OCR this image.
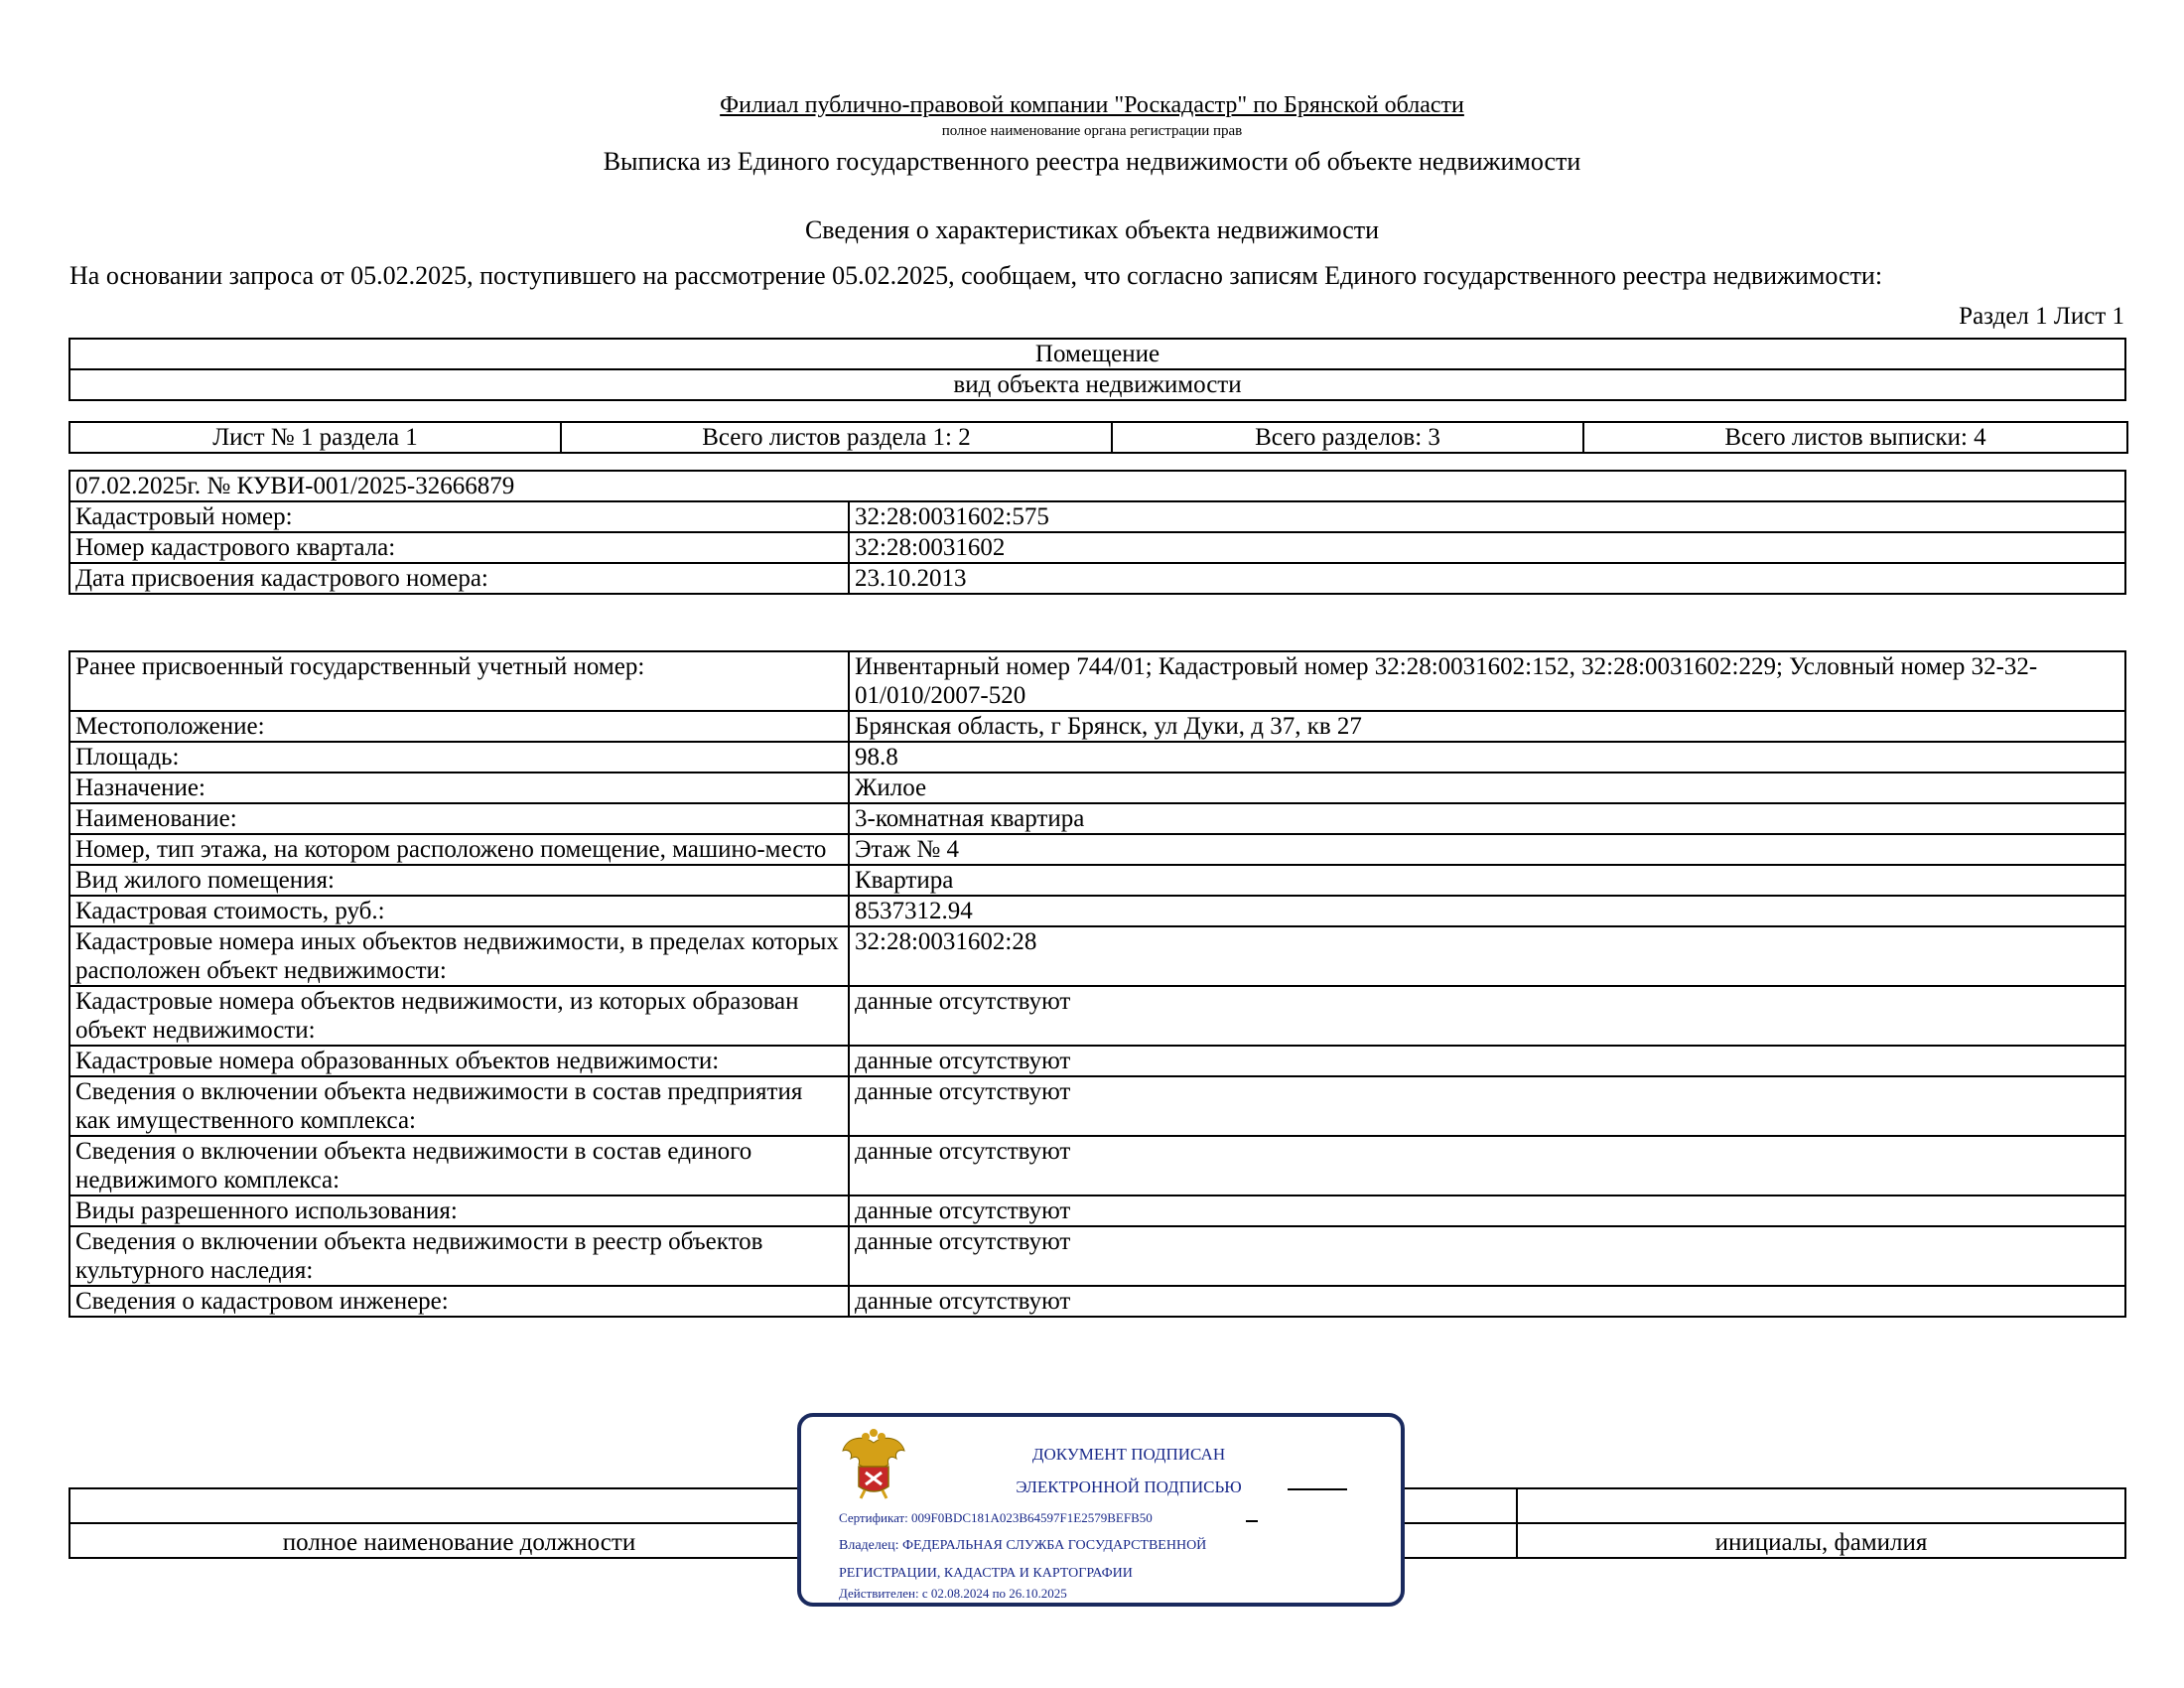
Филиал публично-правовой компании "Роскадастр" по Брянской области
полное наименование органа регистрации прав
Выписка из Единого государственного реестра недвижимости об объекте недвижимости
Сведения о характеристиках объекта недвижимости
На основании запроса от 05.02.2025, поступившего на рассмотрение 05.02.2025, сообщаем, что согласно записям Единого государственного реестра недвижимости:
Раздел 1 Лист 1
Помещение
вид объекта недвижимости
Лист № 1 раздела 1	Всего листов раздела 1: 2	Всего разделов: 3	Всего листов выписки: 4
07.02.2025г. № КУВИ-001/2025-32666879	
Кадастровый номер:	32:28:0031602:575
Номер кадастрового квартала:	32:28:0031602
Дата присвоения кадастрового номера:	23.10.2013
Ранее присвоенный государственный учетный номер:	Инвентарный номер 744/01; Кадастровый номер 32:28:0031602:152, 32:28:0031602:229; Условный номер 32-32-01/010/2007-520
Местоположение:	Брянская область, г Брянск, ул Дуки, д 37, кв 27
Площадь:	98.8
Назначение:	Жилое
Наименование:	3-комнатная квартира
Номер, тип этажа, на котором расположено помещение, машино-место	Этаж № 4
Вид жилого помещения:	Квартира
Кадастровая стоимость, руб.:	8537312.94
Кадастровые номера иных объектов недвижимости, в пределах которых расположен объект недвижимости:	32:28:0031602:28
Кадастровые номера объектов недвижимости, из которых образован объект недвижимости:	данные отсутствуют
Кадастровые номера образованных объектов недвижимости:	данные отсутствуют
Сведения о включении объекта недвижимости в состав предприятия как имущественного комплекса:	данные отсутствуют
Сведения о включении объекта недвижимости в состав единого недвижимого комплекса:	данные отсутствуют
Виды разрешенного использования:	данные отсутствуют
Сведения о включении объекта недвижимости в реестр объектов культурного наследия:	данные отсутствуют
Сведения о кадастровом инженере:	данные отсутствуют

полное наименование должности		инициалы, фамилия
ДОКУМЕНТ ПОДПИСАН
ЭЛЕКТРОННОЙ ПОДПИСЬЮ
Сертификат: 009F0BDC181A023B64597F1E2579BEFB50
Владелец: ФЕДЕРАЛЬНАЯ СЛУЖБА ГОСУДАРСТВЕННОЙ
РЕГИСТРАЦИИ, КАДАСТРА И КАРТОГРАФИИ
Действителен: с 02.08.2024 по 26.10.2025
